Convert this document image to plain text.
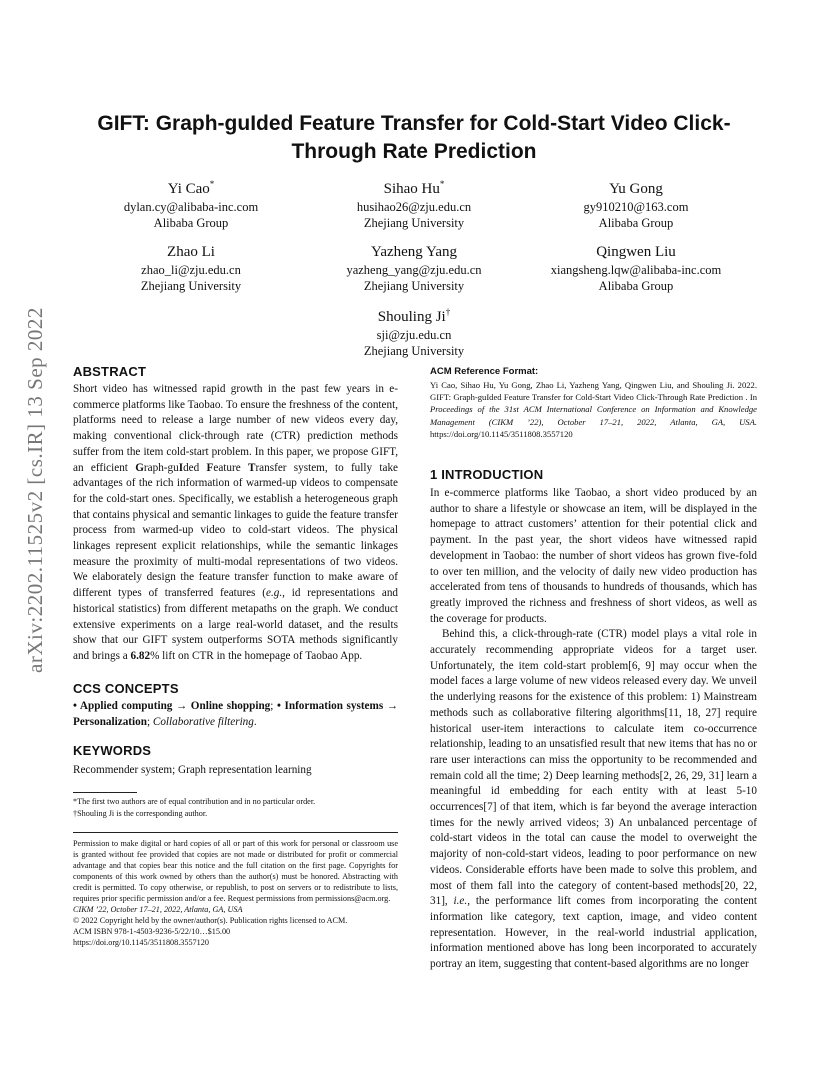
arXiv:2202.11525v2 [cs.IR] 13 Sep 2022
GIFT: Graph-guIded Feature Transfer for Cold-Start Video Click-Through Rate Prediction
Yi Cao*
dylan.cy@alibaba-inc.com
Alibaba Group
Sihao Hu*
husihao26@zju.edu.cn
Zhejiang University
Yu Gong
gy910210@163.com
Alibaba Group
Zhao Li
zhao_li@zju.edu.cn
Zhejiang University
Yazheng Yang
yazheng_yang@zju.edu.cn
Zhejiang University
Qingwen Liu
xiangsheng.lqw@alibaba-inc.com
Alibaba Group
Shouling Ji†
sji@zju.edu.cn
Zhejiang University
ABSTRACT

Short video has witnessed rapid growth in the past few years in e-commerce platforms like Taobao. To ensure the freshness of the content, platforms need to release a large number of new videos every day, making conventional click-through rate (CTR) prediction methods suffer from the item cold-start problem. In this paper, we propose GIFT, an efficient Graph-guIded Feature Transfer system, to fully take advantages of the rich information of warmed-up videos to compensate for the cold-start ones. Specifically, we establish a heterogeneous graph that contains physical and semantic linkages to guide the feature transfer process from warmed-up video to cold-start videos. The physical linkages represent explicit relationships, while the semantic linkages measure the proximity of multi-modal representations of two videos. We elaborately design the feature transfer function to make aware of different types of transferred features (e.g., id representations and historical statistics) from different metapaths on the graph. We conduct extensive experiments on a large real-world dataset, and the results show that our GIFT system outperforms SOTA methods significantly and brings a 6.82% lift on CTR in the homepage of Taobao App.

CCS CONCEPTS

• Applied computing → Online shopping; • Information systems → Personalization; Collaborative filtering.

KEYWORDS
Recommender system; Graph representation learning
*The first two authors are of equal contribution and in no particular order.
†Shouling Ji is the corresponding author.
Permission to make digital or hard copies of all or part of this work for personal or classroom use is granted without fee provided that copies are not made or distributed for profit or commercial advantage and that copies bear this notice and the full citation on the first page. Copyrights for components of this work owned by others than the author(s) must be honored. Abstracting with credit is permitted. To copy otherwise, or republish, to post on servers or to redistribute to lists, requires prior specific permission and/or a fee. Request permissions from permissions@acm.org.
CIKM ’22, October 17–21, 2022, Atlanta, GA, USA
© 2022 Copyright held by the owner/author(s). Publication rights licensed to ACM.
ACM ISBN 978-1-4503-9236-5/22/10…$15.00
https://doi.org/10.1145/3511808.3557120
ACM Reference Format:
Yi Cao, Sihao Hu, Yu Gong, Zhao Li, Yazheng Yang, Qingwen Liu, and Shouling Ji. 2022. GIFT: Graph-guIded Feature Transfer for Cold-Start Video Click-Through Rate Prediction . In Proceedings of the 31st ACM International Conference on Information and Knowledge Management (CIKM ’22), October 17–21, 2022, Atlanta, GA, USA. https://doi.org/10.1145/3511808.3557120
1 INTRODUCTION

In e-commerce platforms like Taobao, a short video produced by an author to share a lifestyle or showcase an item, will be displayed in the homepage to attract customers’ attention for their potential click and payment. In the past year, the short videos have witnessed rapid development in Taobao: the number of short videos has grown five-fold to over ten million, and the velocity of daily new video production has accelerated from tens of thousands to hundreds of thousands, which has greatly improved the richness and freshness of short videos, as well as the coverage for products.

Behind this, a click-through-rate (CTR) model plays a vital role in accurately recommending appropriate videos for a target user. Unfortunately, the item cold-start problem[6, 9] may occur when the model faces a large volume of new videos released every day. We unveil the underlying reasons for the existence of this problem: 1) Mainstream methods such as collaborative filtering algorithms[11, 18, 27] require historical user-item interactions to calculate item co-occurrence relationship, leading to an unsatisfied result that new items that has no or rare user interactions can miss the opportunity to be recommended and remain cold all the time; 2) Deep learning methods[2, 26, 29, 31] learn a meaningful id embedding for each entity with at least 5-10 occurrences[7] of that item, which is far beyond the average interaction times for the newly arrived videos; 3) An unbalanced percentage of cold-start videos in the total can cause the model to overweight the majority of non-cold-start videos, leading to poor performance on new videos. Considerable efforts have been made to solve this problem, and most of them fall into the category of content-based methods[20, 22, 31], i.e., the performance lift comes from incorporating the content information like category, text caption, image, and video content representation. However, in the real-world industrial application, information mentioned above has long been incorporated to accurately portray an item, suggesting that content-based algorithms are no longer
